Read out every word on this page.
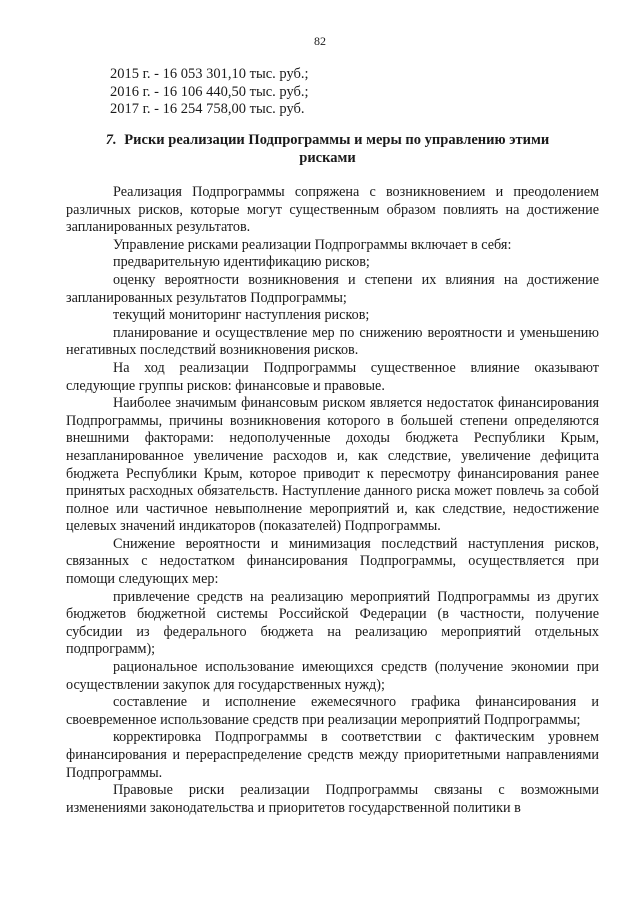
82
2015 г. - 16 053 301,10 тыс. руб.;
2016 г. - 16 106 440,50 тыс. руб.;
2017 г. - 16 254 758,00 тыс. руб.
7. Риски реализации Подпрограммы и меры по управлению этими рисками

Реализация Подпрограммы сопряжена с возникновением и преодолением различных рисков, которые могут существенным образом повлиять на достижение запланированных результатов.

Управление рисками реализации Подпрограммы включает в себя:

предварительную идентификацию рисков;

оценку вероятности возникновения и степени их влияния на достижение запланированных результатов Подпрограммы;

текущий мониторинг наступления рисков;

планирование и осуществление мер по снижению вероятности и уменьшению негативных последствий возникновения рисков.

На ход реализации Подпрограммы существенное влияние оказывают следующие группы рисков: финансовые и правовые.

Наиболее значимым финансовым риском является недостаток финансирования Подпрограммы, причины возникновения которого в большей степени определяются внешними факторами: недополученные доходы бюджета Республики Крым, незапланированное увеличение расходов и, как следствие, увеличение дефицита бюджета Республики Крым, которое приводит к пересмотру финансирования ранее принятых расходных обязательств. Наступление данного риска может повлечь за собой полное или частичное невыполнение мероприятий и, как следствие, недостижение целевых значений индикаторов (показателей) Подпрограммы.

Снижение вероятности и минимизация последствий наступления рисков, связанных с недостатком финансирования Подпрограммы, осуществляется при помощи следующих мер:

привлечение средств на реализацию мероприятий Подпрограммы из других бюджетов бюджетной системы Российской Федерации (в частности, получение субсидии из федерального бюджета на реализацию мероприятий отдельных подпрограмм);

рациональное использование имеющихся средств (получение экономии при осуществлении закупок для государственных нужд);

составление и исполнение ежемесячного графика финансирования и своевременное использование средств при реализации мероприятий Подпрограммы;

корректировка Подпрограммы в соответствии с фактическим уровнем финансирования и перераспределение средств между приоритетными направлениями Подпрограммы.

Правовые риски реализации Подпрограммы связаны с возможными изменениями законодательства и приоритетов государственной политики в
